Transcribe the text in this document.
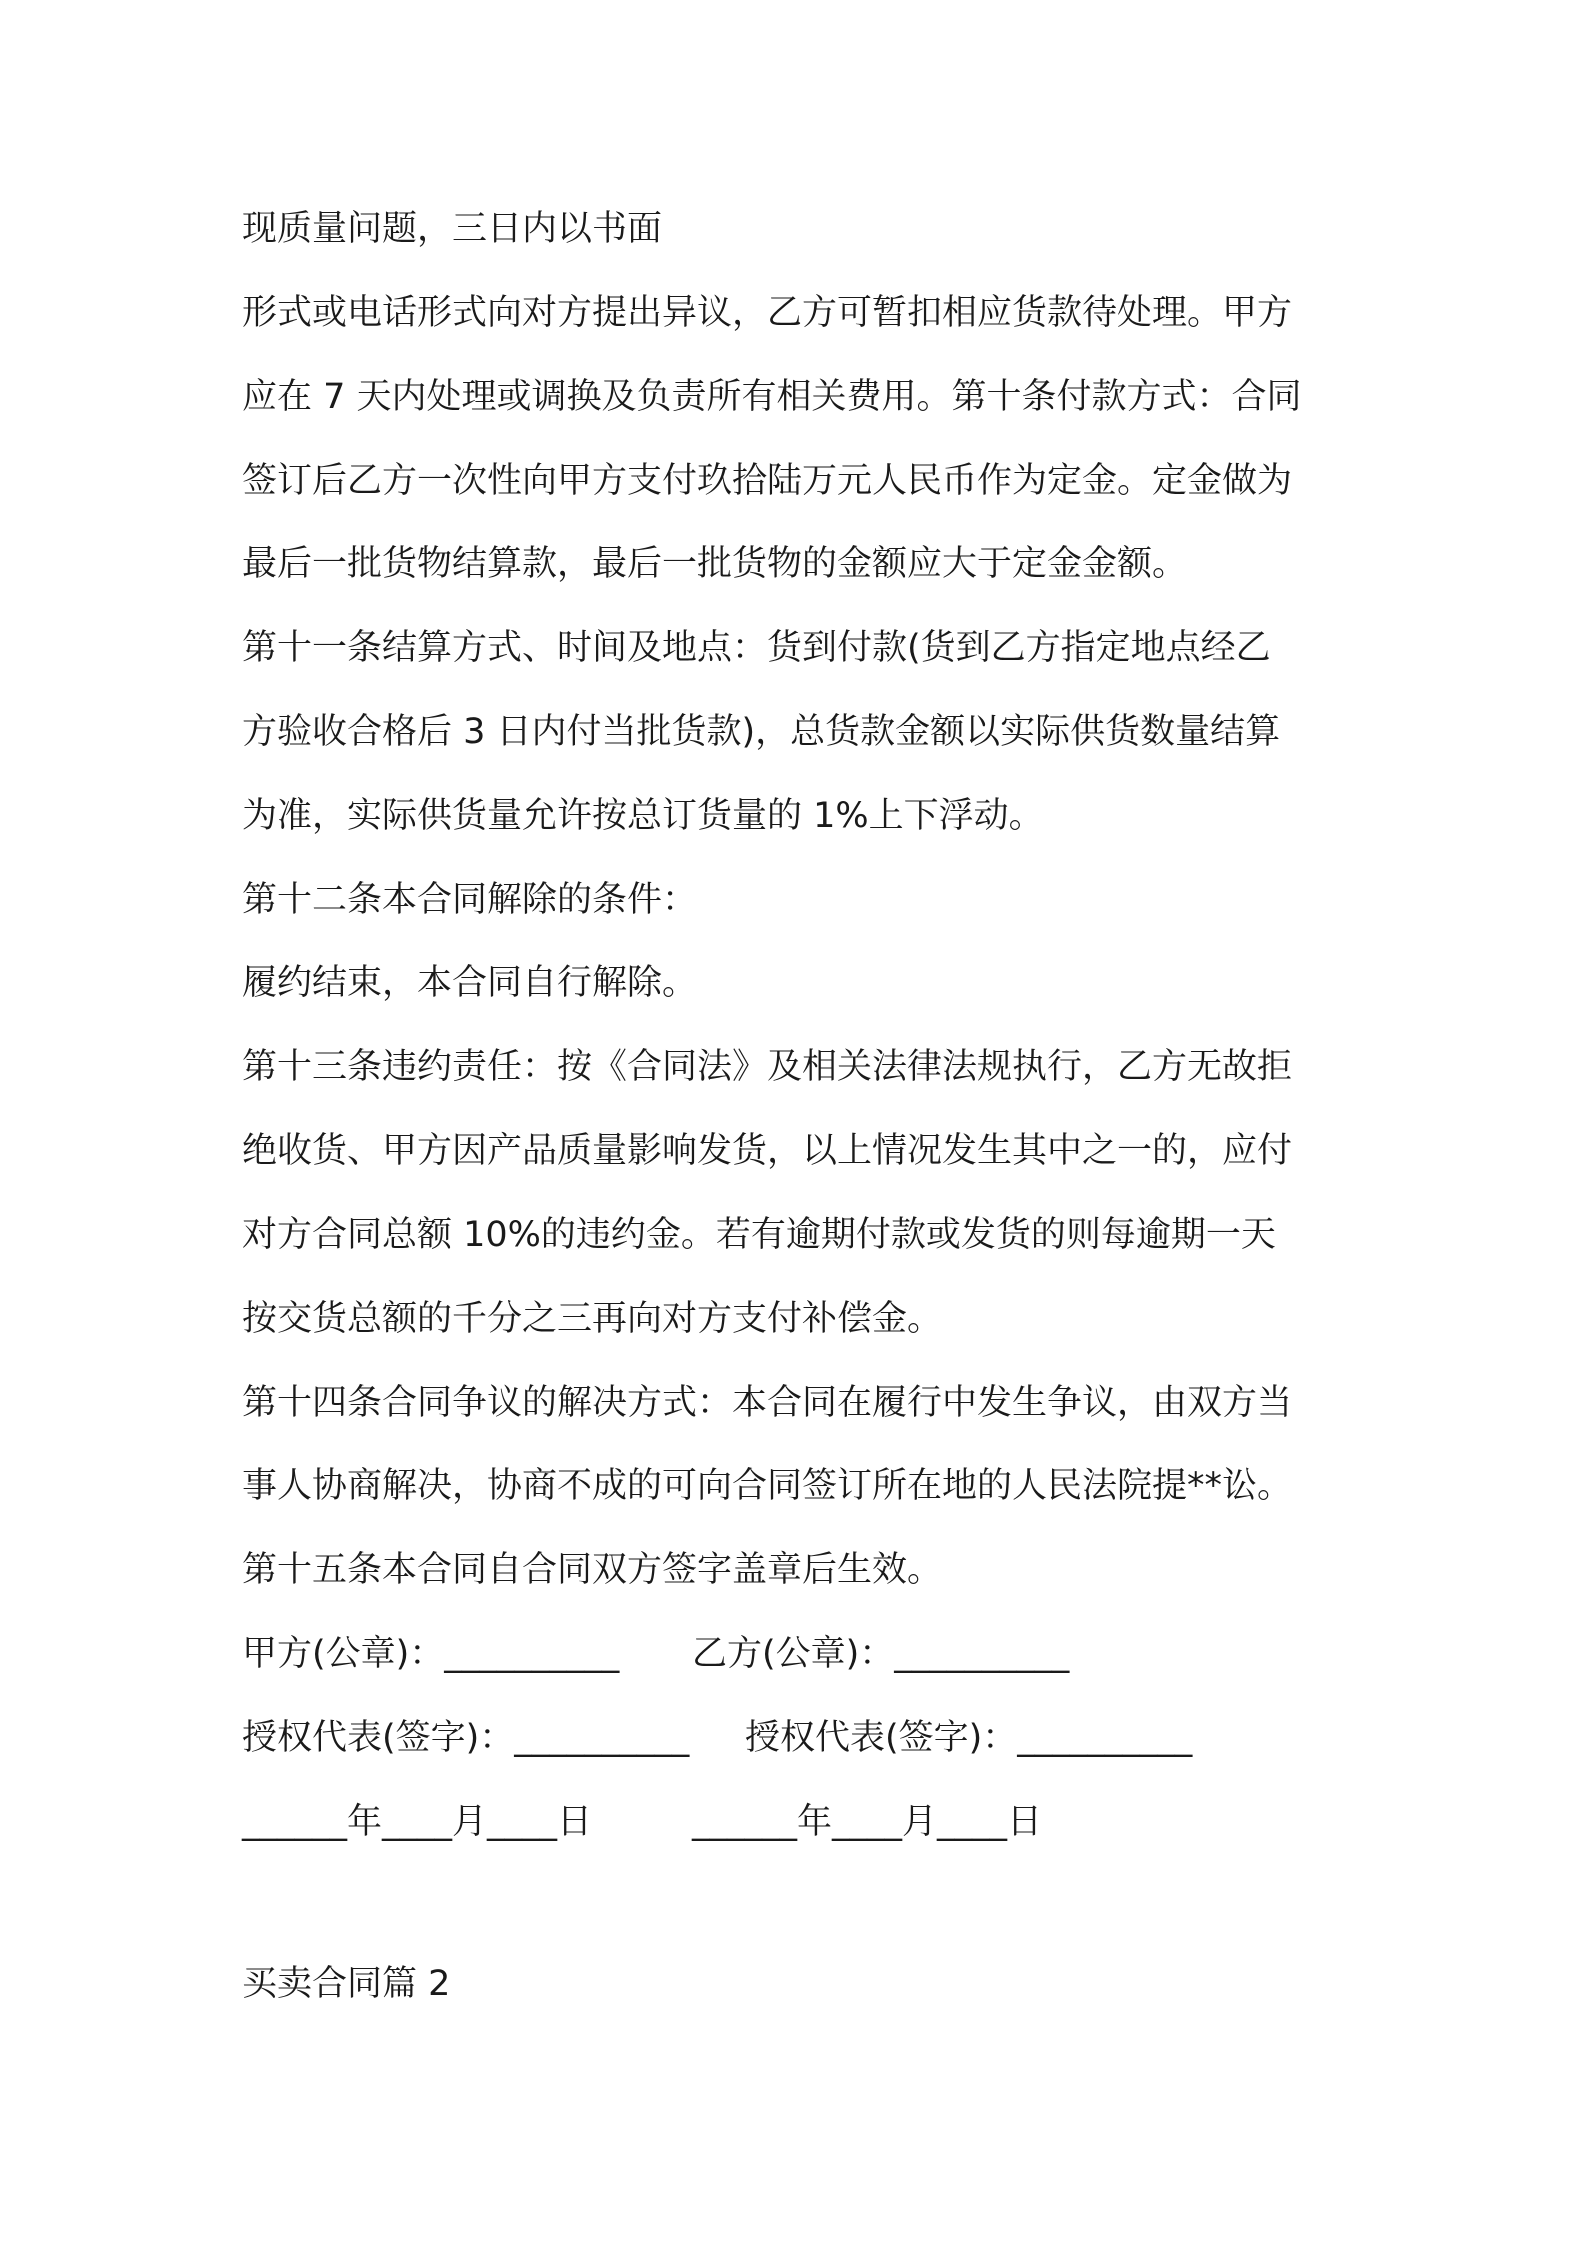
现质量问题，三日内以书面
形式或电话形式向对方提出异议，乙方可暂扣相应货款待处理。甲方
应在 7 天内处理或调换及负责所有相关费用。第十条付款方式：合同
签订后乙方一次性向甲方支付玖拾陆万元人民币作为定金。定金做为
最后一批货物结算款，最后一批货物的金额应大于定金金额。
第十一条结算方式、时间及地点：货到付款(货到乙方指定地点经乙
方验收合格后 3 日内付当批货款)，总货款金额以实际供货数量结算
为准，实际供货量允许按总订货量的 1%上下浮动。
第十二条本合同解除的条件：
履约结束，本合同自行解除。
第十三条违约责任：按《合同法》及相关法律法规执行，乙方无故拒
绝收货、甲方因产品质量影响发货，以上情况发生其中之一的，应付
对方合同总额 10%的违约金。若有逾期付款或发货的则每逾期一天
按交货总额的千分之三再向对方支付补偿金。
第十四条合同争议的解决方式：本合同在履行中发生争议，由双方当
事人协商解决，协商不成的可向合同签订所在地的人民法院提**讼。
第十五条本合同自合同双方签字盖章后生效。
甲方(公章)：__________ 乙方(公章)：__________
授权代表(签字)：__________ 授权代表(签字)：__________
______年____月____日	______年____月____日
买卖合同篇 2
